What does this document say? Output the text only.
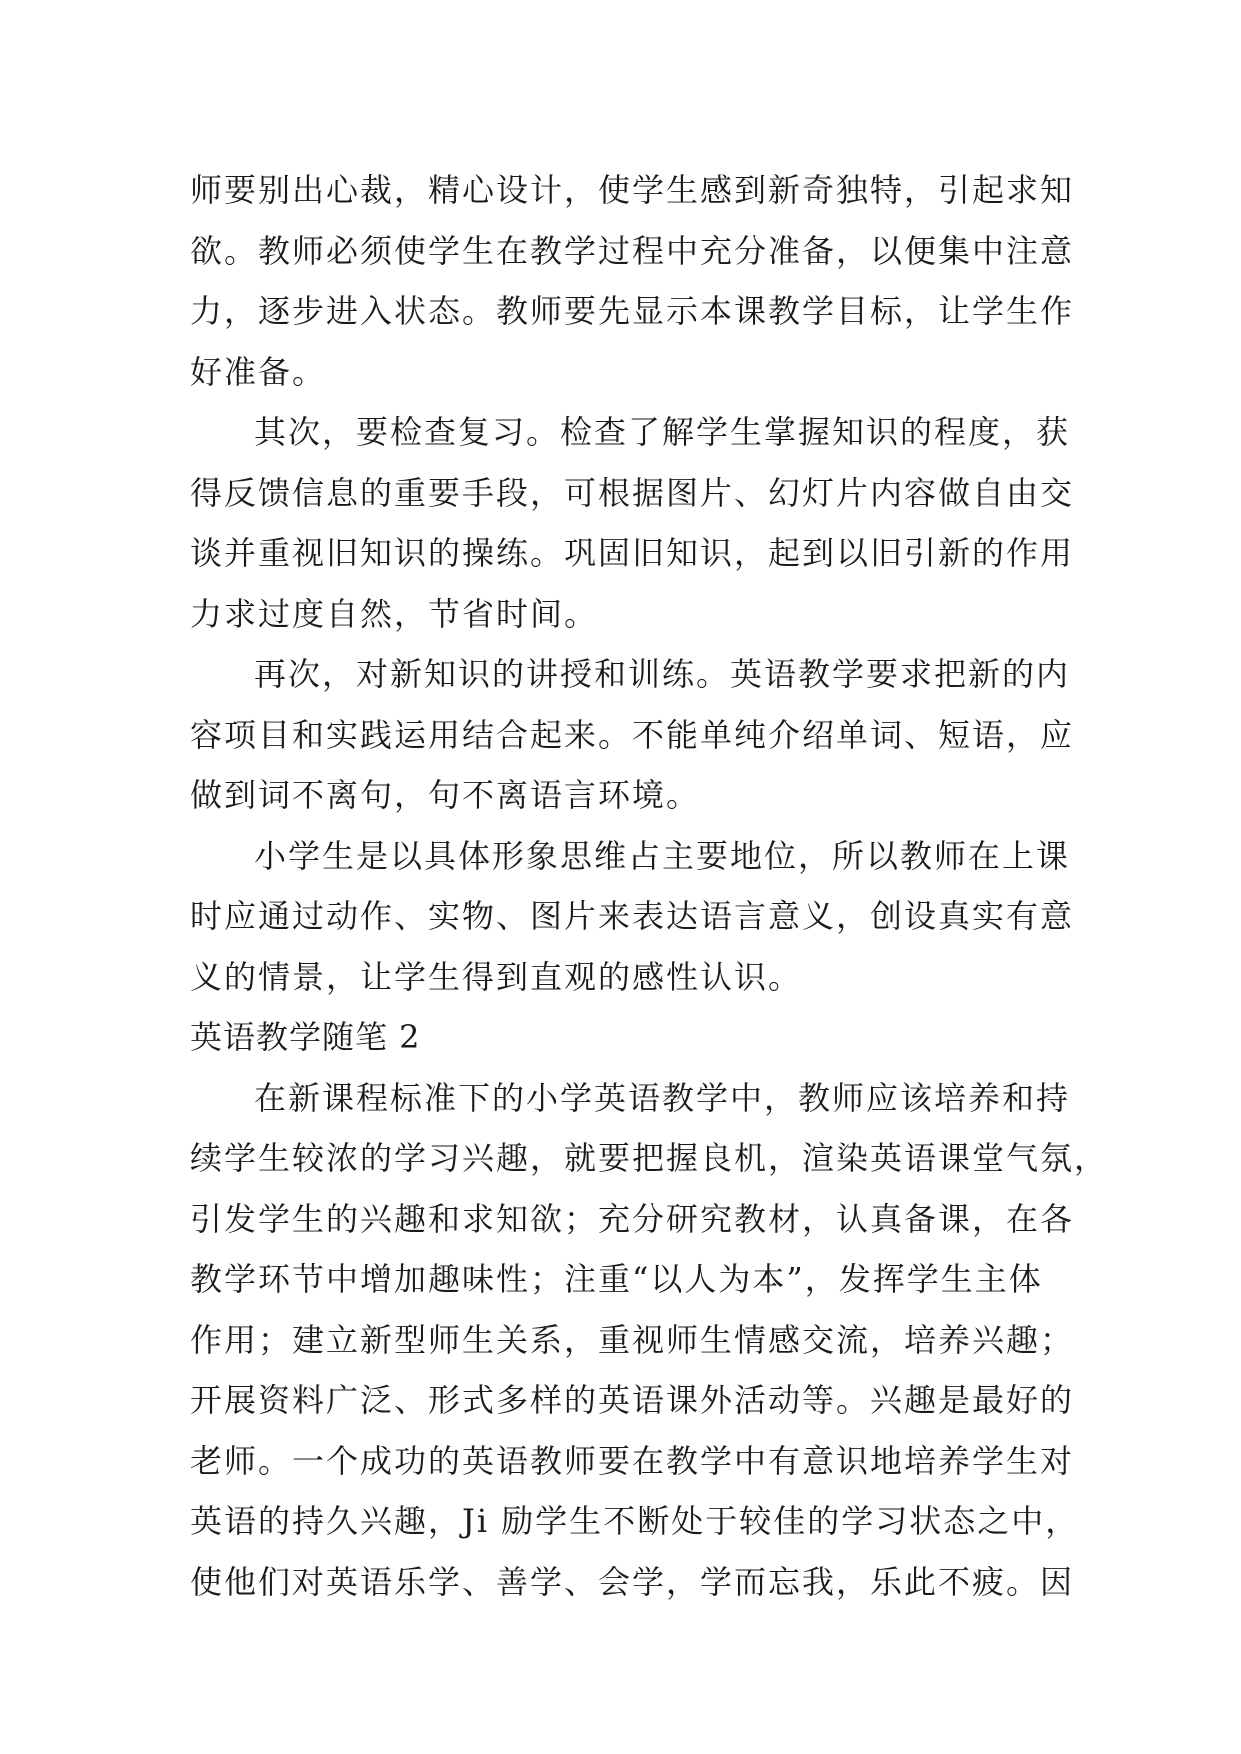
师要别出心裁，精心设计，使学生感到新奇独特，引起求知
欲。教师必须使学生在教学过程中充分准备，以便集中注意
力，逐步进入状态。教师要先显示本课教学目标，让学生作
好准备。
其次，要检查复习。检查了解学生掌握知识的程度，获
得反馈信息的重要手段，可根据图片、幻灯片内容做自由交
谈并重视旧知识的操练。巩固旧知识，起到以旧引新的作用
力求过度自然，节省时间。
再次，对新知识的讲授和训练。英语教学要求把新的内
容项目和实践运用结合起来。不能单纯介绍单词、短语，应
做到词不离句，句不离语言环境。
小学生是以具体形象思维占主要地位，所以教师在上课
时应通过动作、实物、图片来表达语言意义，创设真实有意
义的情景，让学生得到直观的感性认识。
英语教学随笔 2
在新课程标准下的小学英语教学中，教师应该培养和持
续学生较浓的学习兴趣，就要把握良机，渲染英语课堂气氛，
引发学生的兴趣和求知欲；充分研究教材，认真备课，在各
教学环节中增加趣味性；注重“以人为本”，发挥学生主体
作用；建立新型师生关系，重视师生情感交流，培养兴趣；
开展资料广泛、形式多样的英语课外活动等。兴趣是最好的
老师。一个成功的英语教师要在教学中有意识地培养学生对
英语的持久兴趣，Ji 励学生不断处于较佳的学习状态之中，
使他们对英语乐学、善学、会学，学而忘我，乐此不疲。因
